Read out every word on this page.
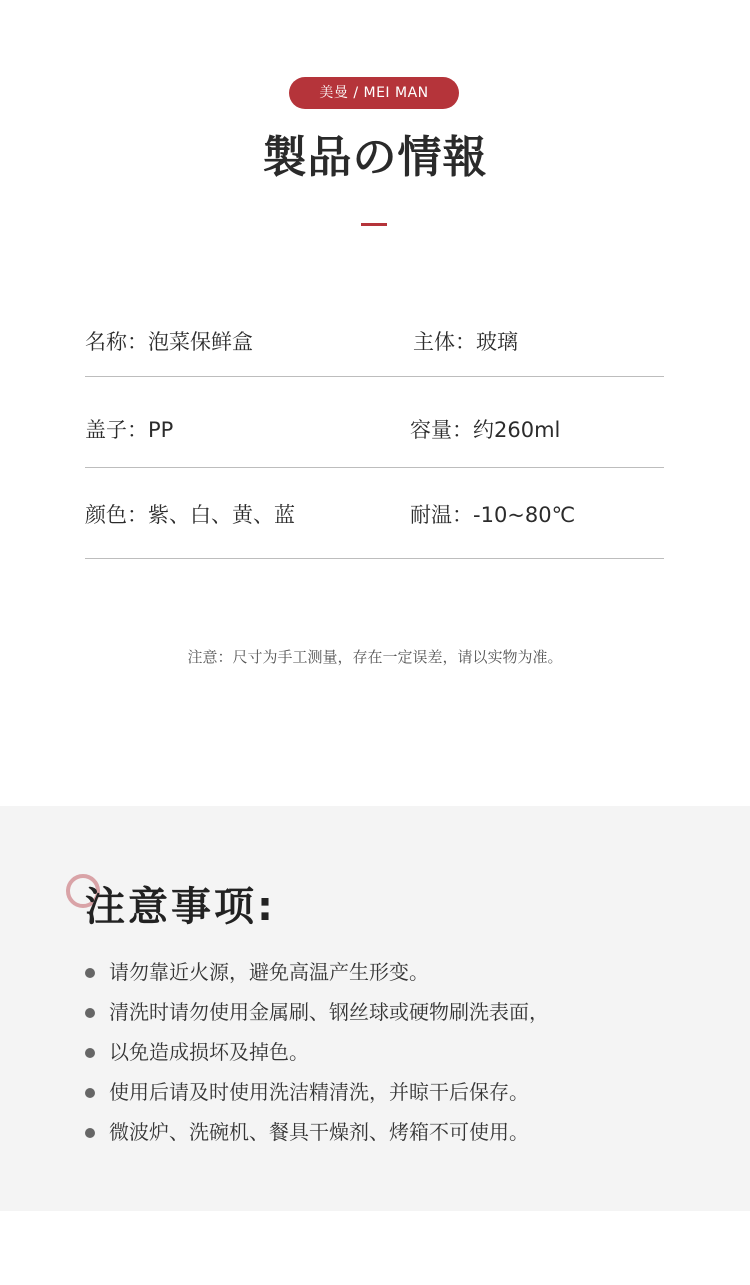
美曼 / MEI MAN
製品の情報
名称：泡菜保鲜盒	主体：玻璃
盖子：PP	容量：约260ml
颜色：紫、白、黄、蓝	耐温：-10~80℃
注意：尺寸为手工测量，存在一定误差，请以实物为准。
注意事项:
请勿靠近火源，避免高温产生形变。
清洗时请勿使用金属刷、钢丝球或硬物刷洗表面，
以免造成损坏及掉色。
使用后请及时使用洗洁精清洗，并晾干后保存。
微波炉、洗碗机、餐具干燥剂、烤箱不可使用。
